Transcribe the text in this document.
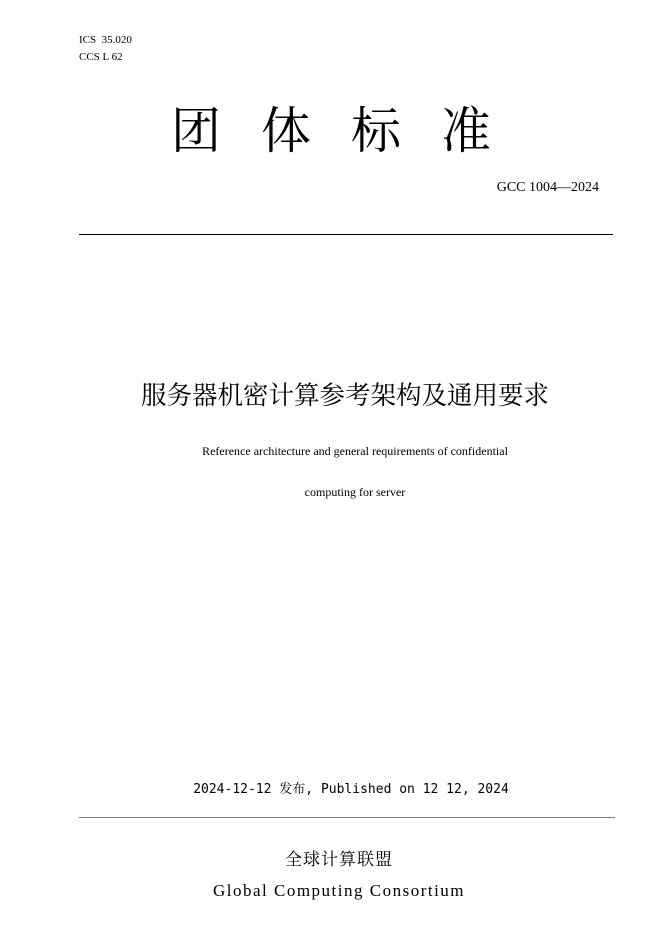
ICS  35.020
CCS L 62
团体标准
GCC 1004—2024
服务器机密计算参考架构及通用要求
Reference architecture and general requirements of confidential
computing for server
2024-12-12 发布, Published on 12 12, 2024
全球计算联盟
Global Computing Consortium
